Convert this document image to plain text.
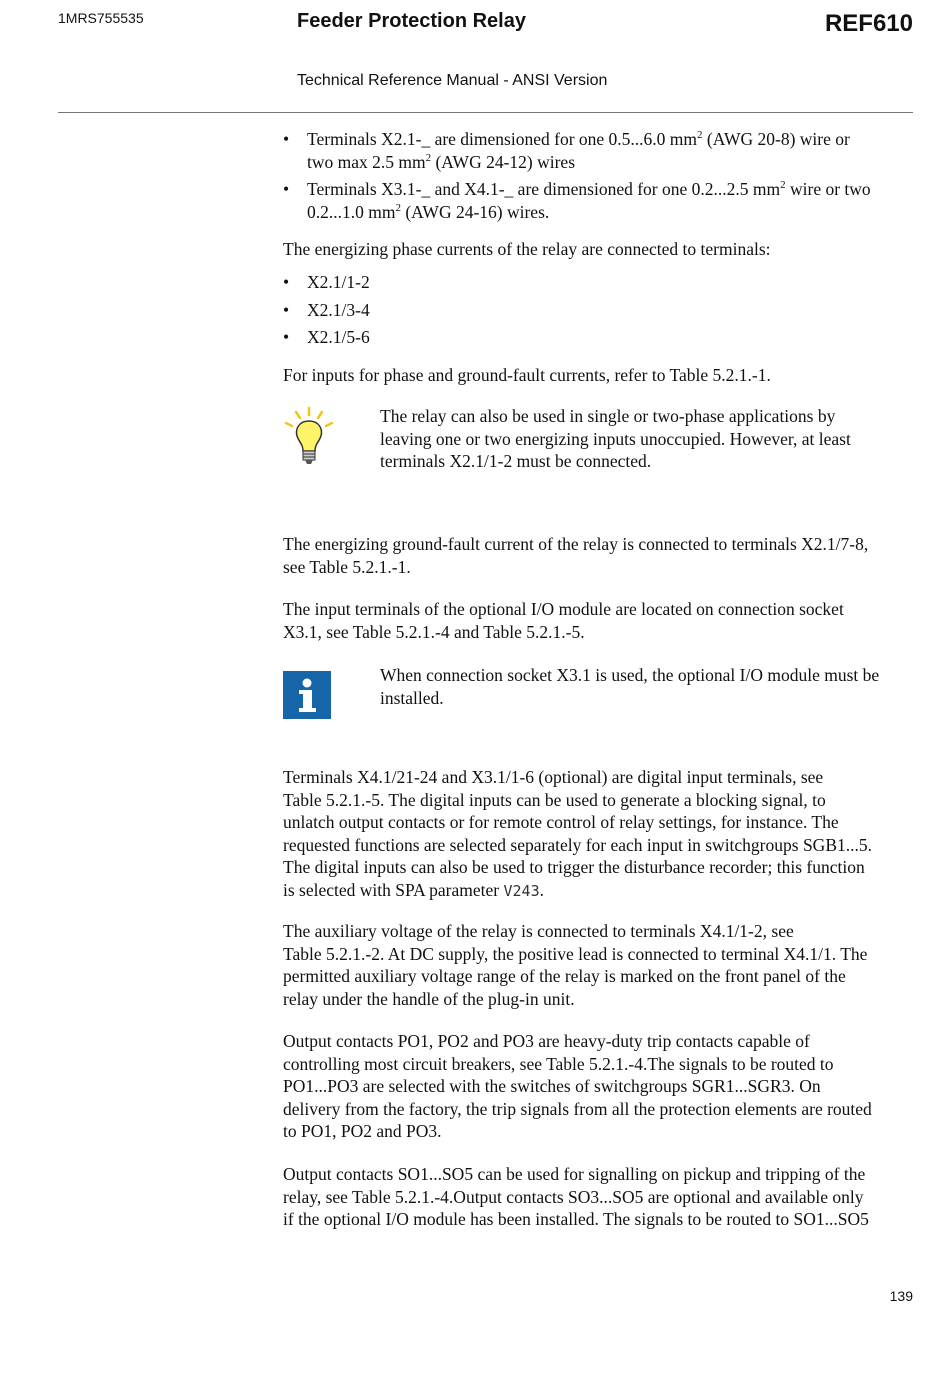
1MRS755535	Feeder Protection Relay	REF610
Technical Reference Manual - ANSI Version
• Terminals X2.1-_ are dimensioned for one 0.5...6.0 $mm^2$ (AWG 20-8) wire or
two max 2.5 $mm^2$ (AWG 24-12) wires
• Terminals X3.1-_ and X4.1-_ are dimensioned for one 0.2...2.5 $mm^2$ wire or two
0.2...1.0 $mm^2$ (AWG 24-16) wires.

The energizing phase currents of the relay are connected to terminals:

• X2.1/1-2
• X2.1/3-4
• X2.1/5-6

For inputs for phase and ground-fault currents, refer to Table 5.2.1.-1.

The relay can also be used in single or two-phase applications by
leaving one or two energizing inputs unoccupied. However, at least
terminals X2.1/1-2 must be connected.
The energizing ground-fault current of the relay is connected to terminals X2.1/7-8,
see Table 5.2.1.-1.
The input terminals of the optional I/O module are located on connection socket
X3.1, see Table 5.2.1.-4 and Table 5.2.1.-5.
When connection socket X3.1 is used, the optional I/O module must be
installed.
Terminals X4.1/21-24 and X3.1/1-6 (optional) are digital input terminals, see
Table 5.2.1.-5. The digital inputs can be used to generate a blocking signal, to
unlatch output contacts or for remote control of relay settings, for instance. The
requested functions are selected separately for each input in switchgroups SGB1...5.
The digital inputs can also be used to trigger the disturbance recorder; this function
is selected with SPA parameter V243.
The auxiliary voltage of the relay is connected to terminals X4.1/1-2, see
Table 5.2.1.-2. At DC supply, the positive lead is connected to terminal X4.1/1. The
permitted auxiliary voltage range of the relay is marked on the front panel of the
relay under the handle of the plug-in unit.
Output contacts PO1, PO2 and PO3 are heavy-duty trip contacts capable of
controlling most circuit breakers, see Table 5.2.1.-4.The signals to be routed to
PO1...PO3 are selected with the switches of switchgroups SGR1...SGR3. On
delivery from the factory, the trip signals from all the protection elements are routed
to PO1, PO2 and PO3.
Output contacts SO1...SO5 can be used for signalling on pickup and tripping of the
relay, see Table 5.2.1.-4.Output contacts SO3...SO5 are optional and available only
if the optional I/O module has been installed. The signals to be routed to SO1...SO5
139
